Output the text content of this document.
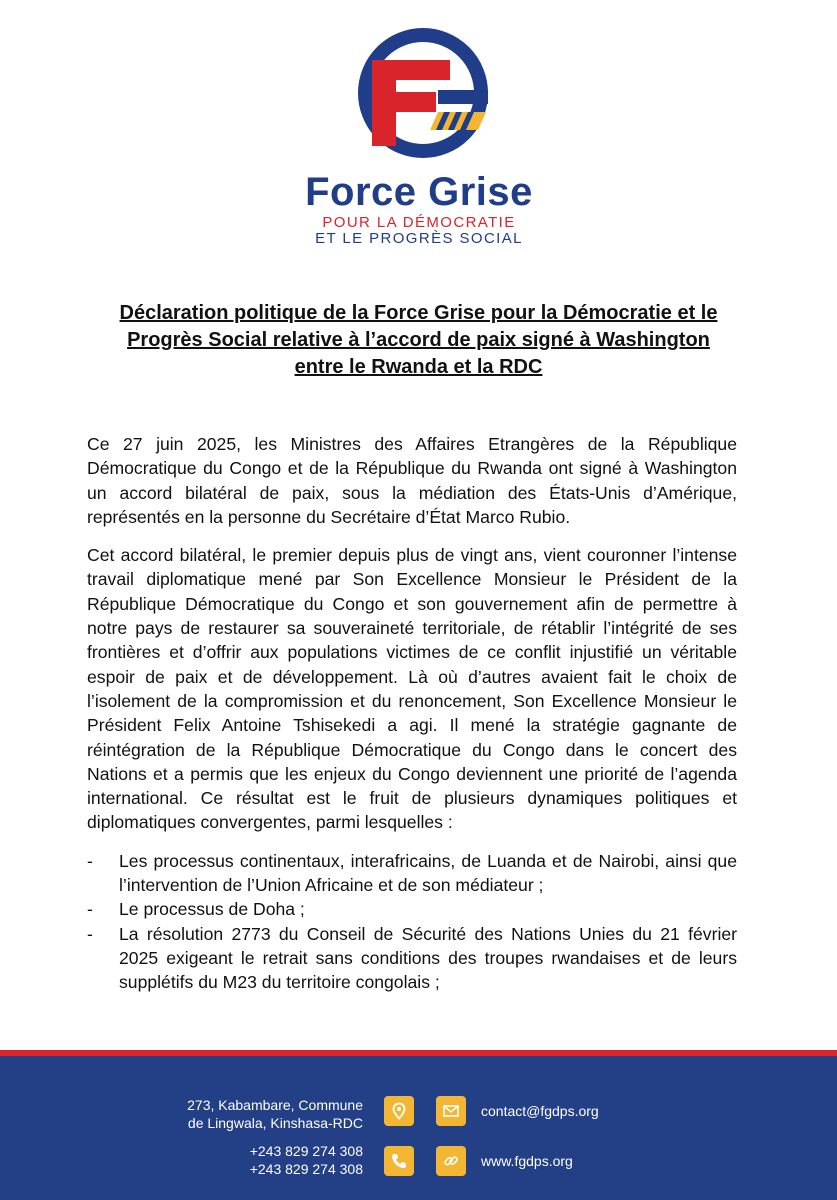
Force Grise
POUR LA DÉMOCRATIE
ET LE PROGRÈS SOCIAL
Déclaration politique de la Force Grise pour la Démocratie et le
Progrès Social relative à l’accord de paix signé à Washington
entre le Rwanda et la RDC

Ce 27 juin 2025, les Ministres des Affaires Etrangères de la République Démocratique du Congo et de la République du Rwanda ont signé à Washington un accord bilatéral de paix, sous la médiation des États-Unis d’Amérique, représentés en la personne du Secrétaire d’État Marco Rubio.

Cet accord bilatéral, le premier depuis plus de vingt ans, vient couronner l’intense travail diplomatique mené par Son Excellence Monsieur le Président de la République Démocratique du Congo et son gouvernement afin de permettre à notre pays de restaurer sa souveraineté territoriale, de rétablir l’intégrité de ses frontières et d’offrir aux populations victimes de ce conflit injustifié un véritable espoir de paix et de développement. Là où d’autres avaient fait le choix de l’isolement de la compromission et du renoncement, Son Excellence Monsieur le Président Felix Antoine Tshisekedi a agi. Il mené la stratégie gagnante de réintégration de la République Démocratique du Congo dans le concert des Nations et a permis que les enjeux du Congo deviennent une priorité de l’agenda international. Ce résultat est le fruit de plusieurs dynamiques politiques et diplomatiques convergentes, parmi lesquelles :

- Les processus continentaux, interafricains, de Luanda et de Nairobi, ainsi que l’intervention de l’Union Africaine et de son médiateur ;
- Le processus de Doha ;
- La résolution 2773 du Conseil de Sécurité des Nations Unies du 21 février 2025 exigeant le retrait sans conditions des troupes rwandaises et de leurs supplétifs du M23 du territoire congolais ;
273, Kabambare, Commune
de Lingwala, Kinshasa-RDC
+243 829 274 308
+243 829 274 308
contact@fgdps.org
www.fgdps.org
